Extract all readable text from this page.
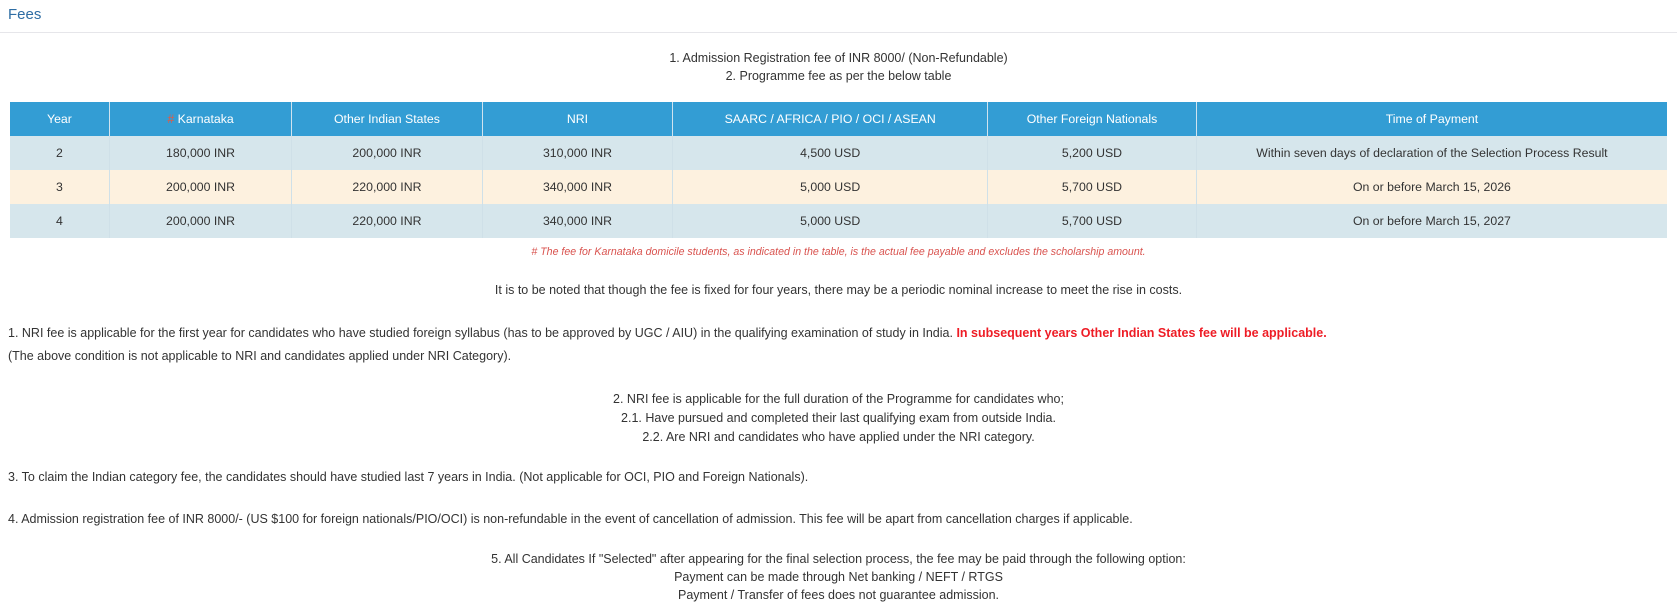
Fees
1. Admission Registration fee of INR 8000/ (Non-Refundable)
2. Programme fee as per the below table
Year	# Karnataka	Other Indian States	NRI	SAARC / AFRICA / PIO / OCI / ASEAN	Other Foreign Nationals	Time of Payment
2	180,000 INR	200,000 INR	310,000 INR	4,500 USD	5,200 USD	Within seven days of declaration of the Selection Process Result
3	200,000 INR	220,000 INR	340,000 INR	5,000 USD	5,700 USD	On or before March 15, 2026
4	200,000 INR	220,000 INR	340,000 INR	5,000 USD	5,700 USD	On or before March 15, 2027
# The fee for Karnataka domicile students, as indicated in the table, is the actual fee payable and excludes the scholarship amount.
It is to be noted that though the fee is fixed for four years, there may be a periodic nominal increase to meet the rise in costs.
1. NRI fee is applicable for the first year for candidates who have studied foreign syllabus (has to be approved by UGC / AIU) in the qualifying examination of study in India. In subsequent years Other Indian States fee will be applicable.
(The above condition is not applicable to NRI and candidates applied under NRI Category).
2. NRI fee is applicable for the full duration of the Programme for candidates who;
2.1. Have pursued and completed their last qualifying exam from outside India.
2.2. Are NRI and candidates who have applied under the NRI category.
3. To claim the Indian category fee, the candidates should have studied last 7 years in India. (Not applicable for OCI, PIO and Foreign Nationals).
4. Admission registration fee of INR 8000/- (US $100 for foreign nationals/PIO/OCI) is non-refundable in the event of cancellation of admission. This fee will be apart from cancellation charges if applicable.
5. All Candidates If "Selected" after appearing for the final selection process, the fee may be paid through the following option:
Payment can be made through Net banking / NEFT / RTGS
Payment / Transfer of fees does not guarantee admission.
